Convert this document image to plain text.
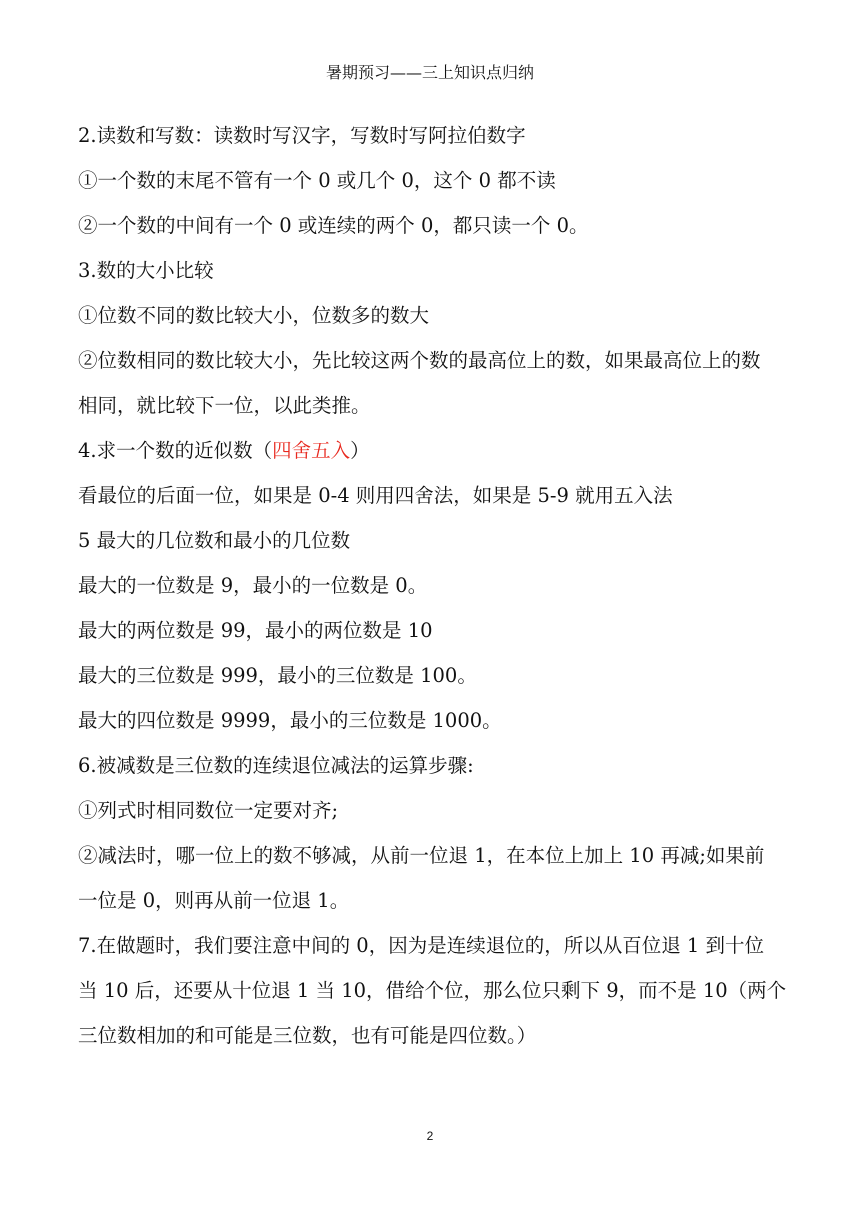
暑期预习——三上知识点归纳
2.读数和写数：读数时写汉字，写数时写阿拉伯数字
①一个数的末尾不管有一个 0 或几个 0，这个 0 都不读
②一个数的中间有一个 0 或连续的两个 0，都只读一个 0。
3.数的大小比较
①位数不同的数比较大小，位数多的数大
②位数相同的数比较大小，先比较这两个数的最高位上的数，如果最高位上的数
相同，就比较下一位，以此类推。
4.求一个数的近似数（四舍五入）
看最位的后面一位，如果是 0-4 则用四舍法，如果是 5-9 就用五入法
5 最大的几位数和最小的几位数
最大的一位数是 9，最小的一位数是 0。
最大的两位数是 99，最小的两位数是 10
最大的三位数是 999，最小的三位数是 100。
最大的四位数是 9999，最小的三位数是 1000。
6.被减数是三位数的连续退位减法的运算步骤:
①列式时相同数位一定要对齐;
②减法时，哪一位上的数不够减，从前一位退 1，在本位上加上 10 再减;如果前
一位是 0，则再从前一位退 1。
7.在做题时，我们要注意中间的 0，因为是连续退位的，所以从百位退 1 到十位
当 10 后，还要从十位退 1 当 10，借给个位，那么位只剩下 9，而不是 10（两个
三位数相加的和可能是三位数，也有可能是四位数。）
2
